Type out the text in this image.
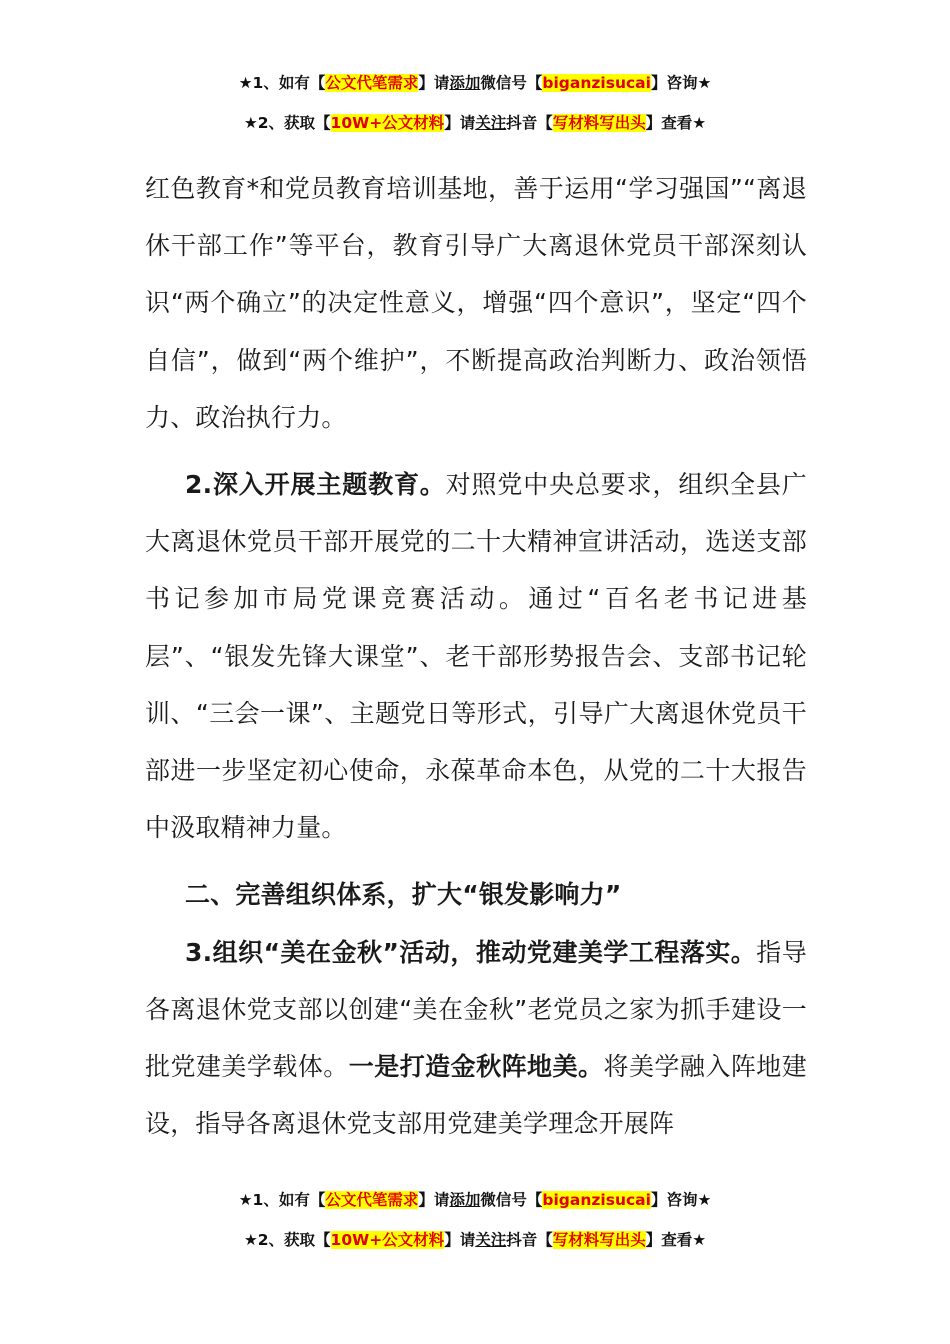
★1、如有【公文代笔需求】请添加微信号【biganzisucai】咨询★
★2、获取【10W+公文材料】请关注抖音【写材料写出头】查看★

红色教育*和党员教育培训基地，善于运用“学习强国”“离退休干部工作”等平台，教育引导广大离退休党员干部深刻认识“两个确立”的决定性意义，增强“四个意识”，坚定“四个自信”，做到“两个维护”，不断提高政治判断力、政治领悟力、政治执行力。

2.深入开展主题教育。对照党中央总要求，组织全县广大离退休党员干部开展党的二十大精神宣讲活动，选送支部书记参加市局党课竞赛活动。通过“百名老书记进基层”、“银发先锋大课堂”、老干部形势报告会、支部书记轮训、“三会一课”、主题党日等形式，引导广大离退休党员干部进一步坚定初心使命，永葆革命本色，从党的二十大报告中汲取精神力量。

二、完善组织体系，扩大“银发影响力”

3.组织“美在金秋”活动，推动党建美学工程落实。指导各离退休党支部以创建“美在金秋”老党员之家为抓手建设一批党建美学载体。一是打造金秋阵地美。将美学融入阵地建设，指导各离退休党支部用党建美学理念开展阵

★1、如有【公文代笔需求】请添加微信号【biganzisucai】咨询★
★2、获取【10W+公文材料】请关注抖音【写材料写出头】查看★
